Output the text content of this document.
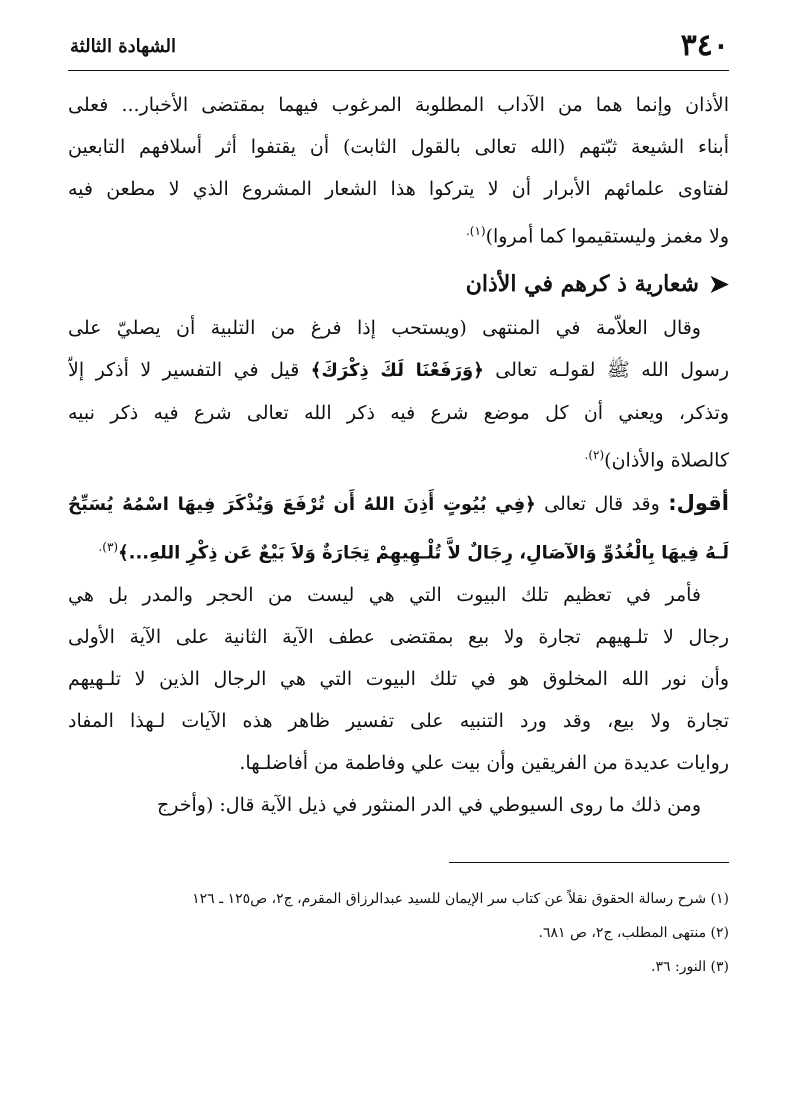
٣٤٠
الشهادة الثالثة

الأذان وإنما هما من الآداب المطلوبة المرغوب فيهما بمقتضى الأخبار... فعلى

أبناء الشيعة ثبّتهم (الله تعالى بالقول الثابت) أن يقتفوا أثر أسلافهم التابعين

لفتاوى علمائهم الأبرار أن لا يتركوا هذا الشعار المشروع الذي لا مطعن فيه

ولا مغمز وليستقيموا كما أمروا)$^{(١).}$

➤
شعارية ذ كرهم في الأذان

وقال العلاّمة في المنتهى (ويستحب إذا فرغ من التلبية أن يصليّ على

رسول الله ﷺ لقولـه تعالى ﴿وَرَفَعْنَا لَكَ ذِكْرَكَ﴾ قيل في التفسير لا أذكر إلاّ

وتذكر، ويعني أن كل موضع شرع فيه ذكر الله تعالى شرع فيه ذكر نبيه

كالصلاة والأذان)$^{(٢).}$

أقول: وقد قال تعالى ﴿فِي بُيُوتٍ أَذِنَ اللهُ أَن تُرْفَعَ وَيُذْكَرَ فِيهَا اسْمُهُ يُسَبِّحُ

لَـهُ فِيهَا بِالْغُدُوِّ وَالآصَالِ، رِجَالٌ لاَّ تُلْـهِيهِمْ تِجَارَةٌ وَلاَ بَيْعٌ عَن ذِكْرِ اللهِ...﴾$^{(٣).}$

فأمر في تعظيم تلك البيوت التي هي ليست من الحجر والمدر بل هي

رجال لا تلـهيهم تجارة ولا بيع بمقتضى عطف الآية الثانية على الآية الأولى

وأن نور الله المخلوق هو في تلك البيوت التي هي الرجال الذين لا تلـهيهم

تجارة ولا بيع، وقد ورد التنبيه على تفسير ظاهر هذه الآيات لـهذا المفاد

روايات عديدة من الفريقين وأن بيت علي وفاطمة من أفاضلـها.

ومن ذلك ما روى السيوطي في الدر المنثور في ذيل الآية قال: (وأخرج

(١) شرح رسالة الحقوق نقلاً عن كتاب سر الإيمان للسيد عبدالرزاق المقرم، ج٢، ص١٢٥ ـ ١٢٦
(٢) منتهى المطلب، ج٢، ص ٦٨١.
(٣) النور: ٣٦.
